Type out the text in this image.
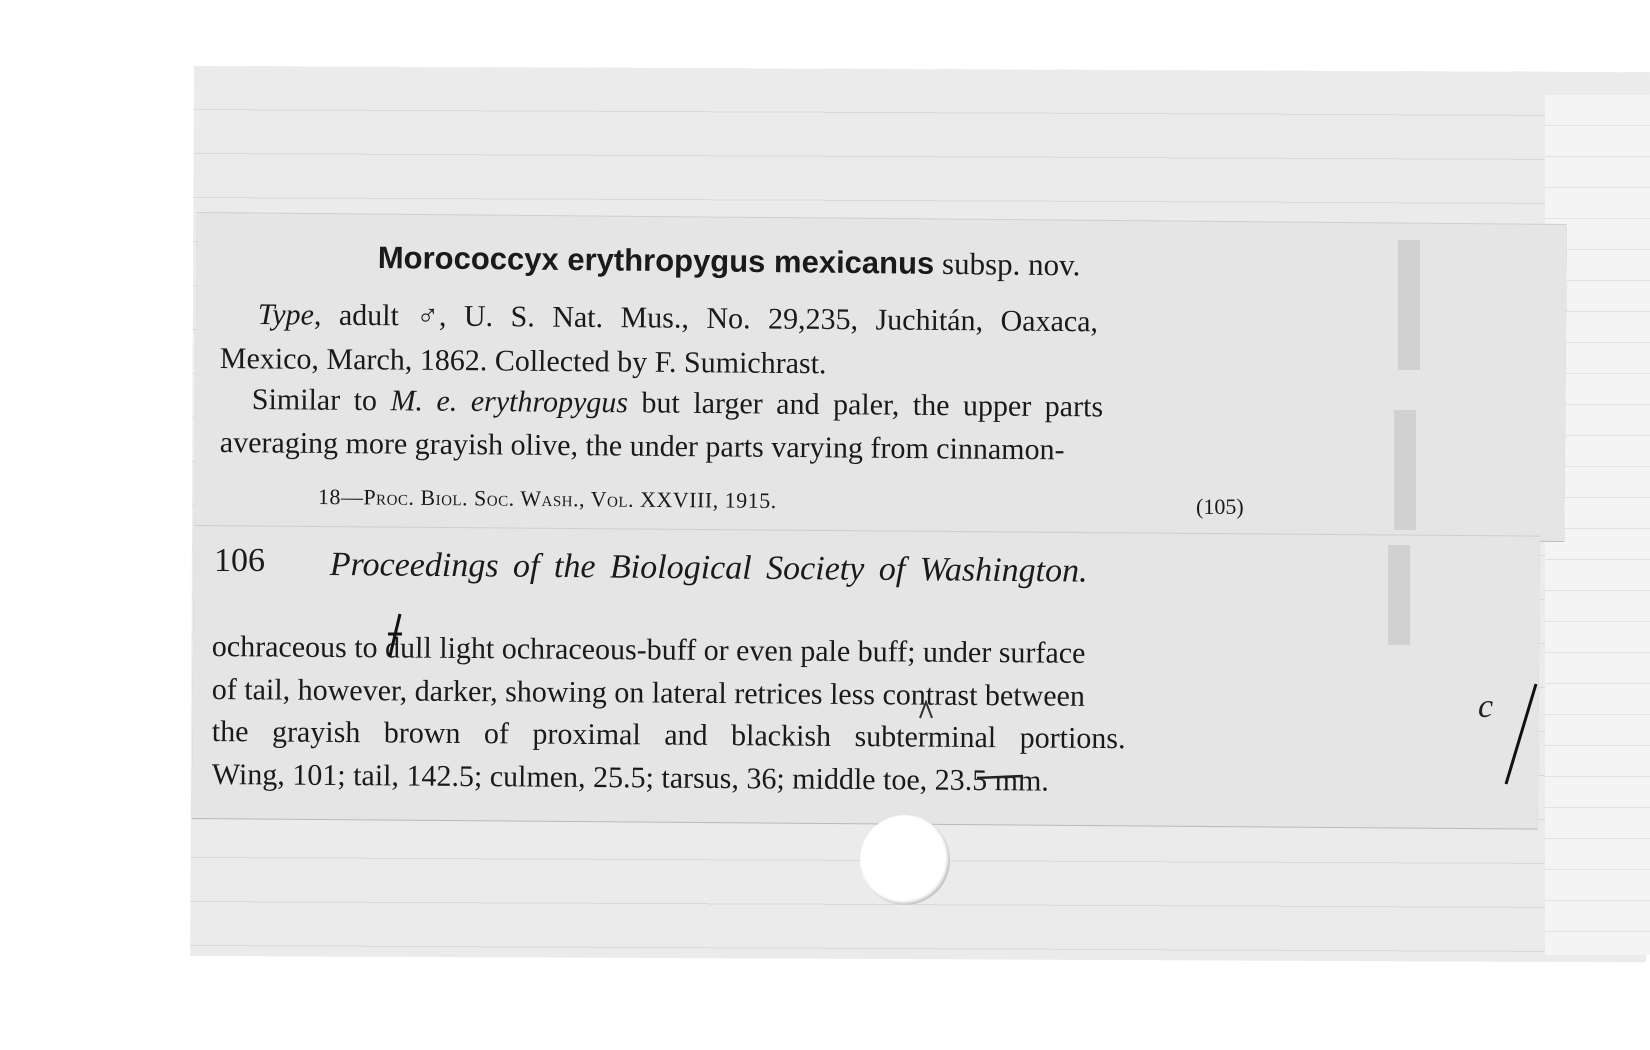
Morococcyx erythropygus mexicanus subsp. nov.
Type, adult ♂, U. S. Nat. Mus., No. 29,235, Juchitán, Oaxaca,
Mexico, March, 1862. Collected by F. Sumichrast.
Similar to M. e. erythropygus but larger and paler, the upper parts
averaging more grayish olive, the under parts varying from cinnamon-
18—Proc. Biol. Soc. Wash., Vol. XXVIII, 1915.	(105)
106 Proceedings of the Biological Society of Washington.
ochraceous to dull light ochraceous-buff or even pale buff; under surface
of tail, however, darker, showing on lateral retrices less contrast between
the grayish brown of proximal and blackish subterminal portions.
Wing, 101; tail, 142.5; culmen, 25.5; tarsus, 36; middle toe, 23.5 mm.
c
